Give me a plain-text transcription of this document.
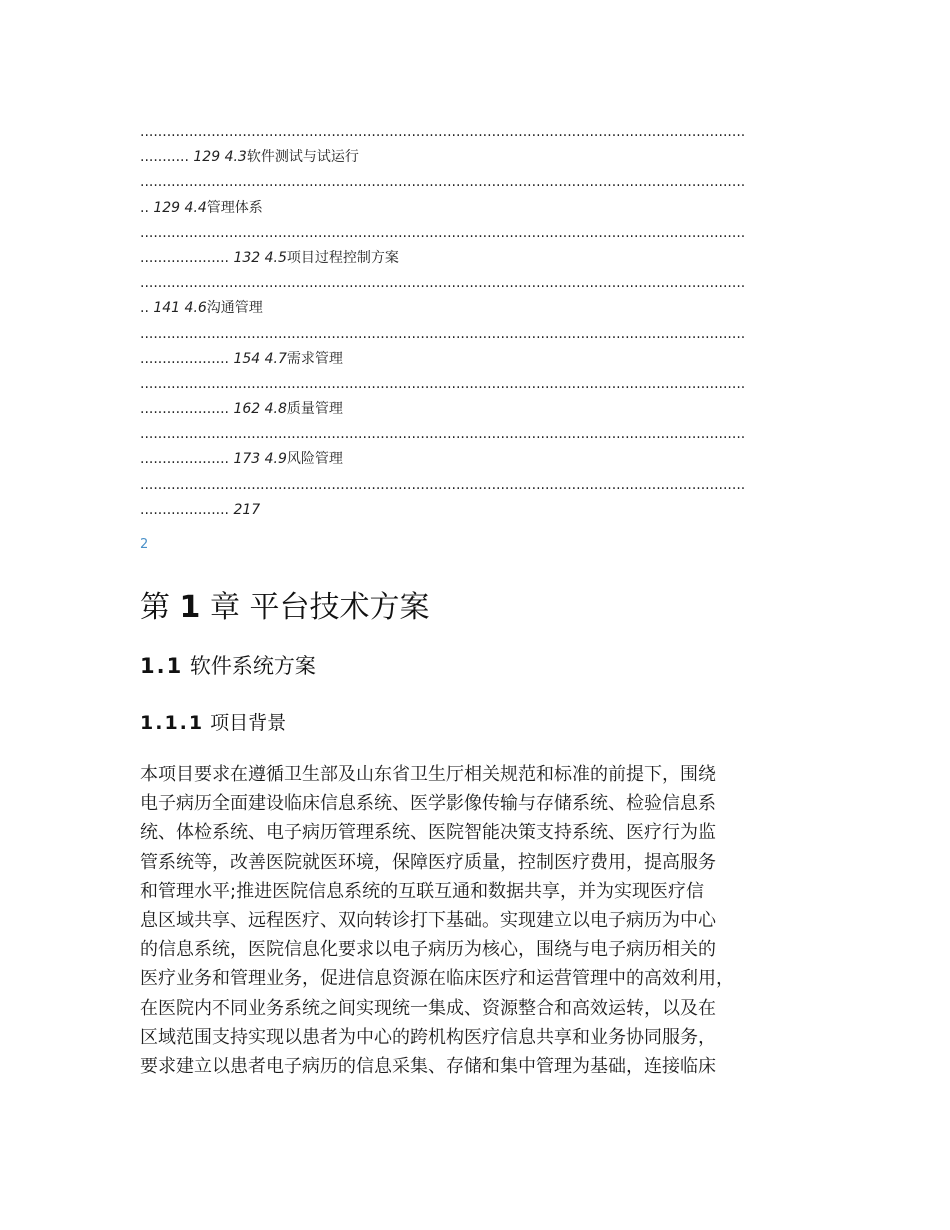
........................................................................................................................................
........... 129 4.3软件测试与试运行
........................................................................................................................................
.. 129 4.4管理体系
........................................................................................................................................
.................... 132 4.5项目过程控制方案
........................................................................................................................................
.. 141 4.6沟通管理
........................................................................................................................................
.................... 154 4.7需求管理
........................................................................................................................................
.................... 162 4.8质量管理
........................................................................................................................................
.................... 173 4.9风险管理
........................................................................................................................................
.................... 217
2
第 1 章 平台技术方案
1.1 软件系统方案
1.1.1 项目背景
本项目要求在遵循卫生部及山东省卫生厅相关规范和标准的前提下，围绕
电子病历全面建设临床信息系统、医学影像传输与存储系统、检验信息系
统、体检系统、电子病历管理系统、医院智能决策支持系统、医疗行为监
管系统等，改善医院就医环境，保障医疗质量，控制医疗费用，提高服务
和管理水平;推进医院信息系统的互联互通和数据共享，并为实现医疗信
息区域共享、远程医疗、双向转诊打下基础。实现建立以电子病历为中心
的信息系统，医院信息化要求以电子病历为核心，围绕与电子病历相关的
医疗业务和管理业务，促进信息资源在临床医疗和运营管理中的高效利用，
在医院内不同业务系统之间实现统一集成、资源整合和高效运转，以及在
区域范围支持实现以患者为中心的跨机构医疗信息共享和业务协同服务，
要求建立以患者电子病历的信息采集、存储和集中管理为基础，连接临床
